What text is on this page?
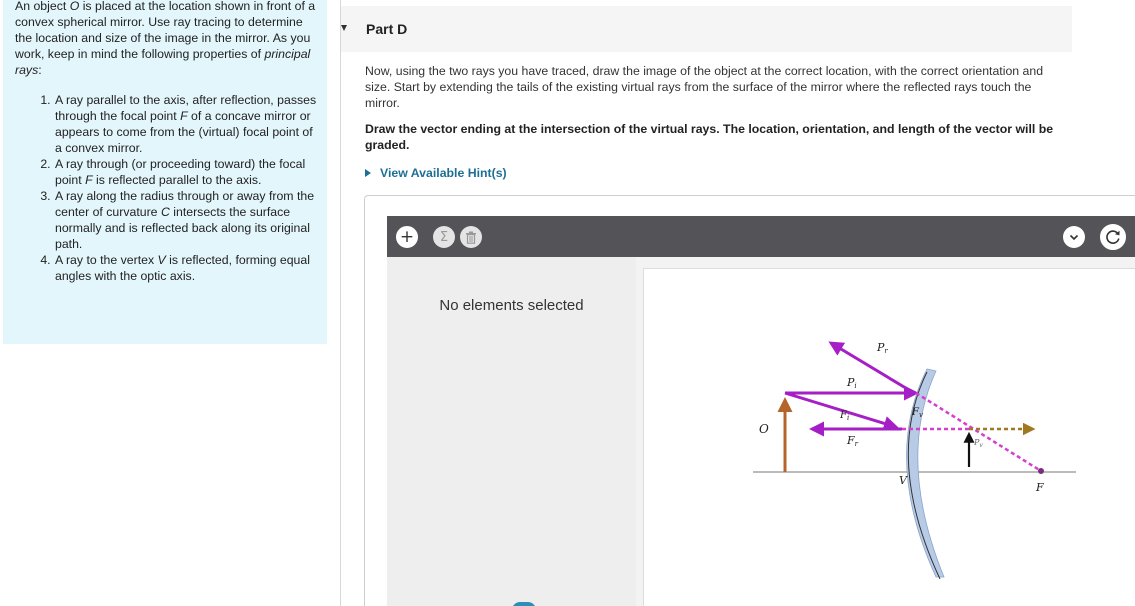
An object O is placed at the location shown in front of a convex spherical mirror. Use ray tracing to determine the location and size of the image in the mirror. As you work, keep in mind the following properties of principal rays:

1. A ray parallel to the axis, after reflection, passes through the focal point F of a concave mirror or appears to come from the (virtual) focal point of a convex mirror.
2. A ray through (or proceeding toward) the focal point F is reflected parallel to the axis.
3. A ray along the radius through or away from the center of curvature C intersects the surface normally and is reflected back along its original path.
4. A ray to the vertex V is reflected, forming equal angles with the optic axis.
Part D

Now, using the two rays you have traced, draw the image of the object at the correct location, with the correct orientation and size. Start by extending the tails of the existing virtual rays from the surface of the mirror where the reflected rays touch the mirror.

Draw the vector ending at the intersection of the virtual rays. The location, orientation, and length of the vector will be graded.

View Available Hint(s)
+	Σ
No elements selected
O
Pr
Pi
$F_i$
Fr
$F_v$
$P_v$
V
F
